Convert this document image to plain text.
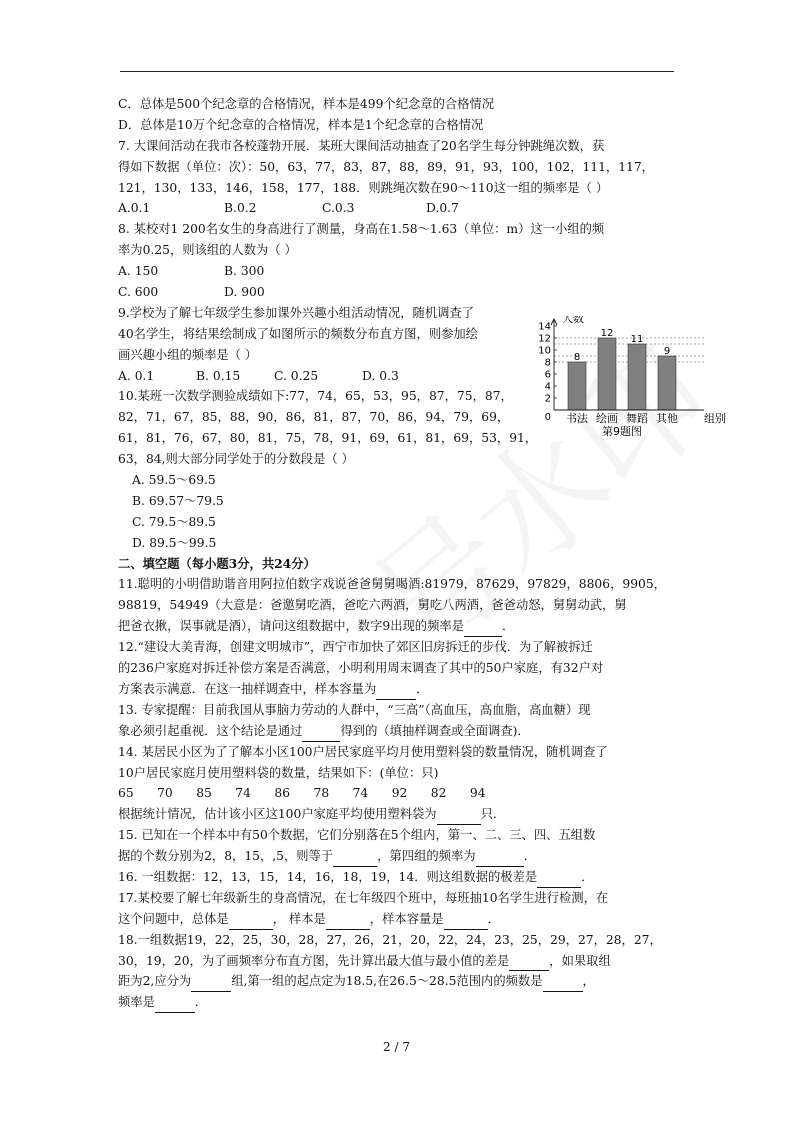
C．总体是500个纪念章的合格情况，样本是499个纪念章的合格情况
D．总体是10万个纪念章的合格情况，样本是1个纪念章的合格情况
7. 大课间活动在我市各校蓬勃开展．某班大课间活动抽查了20名学生每分钟跳绳次数，获
得如下数据（单位：次）：50，63，77，83，87，88，89，91，93，100，102，111，117，
121，130，133，146，158，177，188．则跳绳次数在90～110这一组的频率是（ ）
A.0.1	B.0.2	C.0.3	D.0.7
8. 某校对1 200名女生的身高进行了测量，身高在1.58～1.63（单位：m）这一小组的频
率为0.25，则该组的人数为（ ）
A. 150	B. 300
C. 600	D. 900
9.学校为了解七年级学生参加课外兴趣小组活动情况，随机调查了
40名学生，将结果绘制成了如图所示的频数分布直方图，则参加绘
画兴趣小组的频率是（ ）
A. 0.1	B. 0.15	C. 0.25	D. 0.3
10.某班一次数学测验成绩如下:77，74，65，53，95，87，75，87，
82，71，67，85，88，90，86，81，87，70，86，94，79，69，
61，81，76，67，80，81，75，78，91，69，61，81，69，53，91，
63，84,则大部分同学处于的分数段是（ ）
A. 59.5～69.5
B. 69.57～79.5
C. 79.5～89.5
D. 89.5～99.5
二、填空题（每小题3分，共24分）
11.聪明的小明借助谐音用阿拉伯数字戏说爸爸舅舅喝酒:81979，87629，97829，8806，9905，
98819，54949（大意是：爸邀舅吃酒，爸吃六两酒，舅吃八两酒，爸爸动怒，舅舅动武，舅
把爸衣揪，误事就是酒），请问这组数据中，数字9出现的频率是	．
12.“建设大美青海，创建文明城市”，西宁市加快了郊区旧房拆迁的步伐．为了解被拆迁
的236户家庭对拆迁补偿方案是否满意，小明利用周末调查了其中的50户家庭，有32户对
方案表示满意．在这一抽样调查中，样本容量为	．
13. 专家提醒：目前我国从事脑力劳动的人群中，“三高”（高血压，高血脂，高血糖）现
象必须引起重视．这个结论是通过	得到的（填抽样调查或全面调查)．
14. 某居民小区为了了解本小区100户居民家庭平均月使用塑料袋的数量情况，随机调查了
10户居民家庭月使用塑料袋的数量，结果如下：(单位：只)
65      70      85      74      86      78      74      92      82      94
根据统计情况，估计该小区这100户家庭平均使用塑料袋为	只．
15. 已知在一个样本中有50个数据，它们分别落在5个组内，第一、二、三、四、五组数
据的个数分别为2，8，15，,5，则等于	，第四组的频率为	．
16. 一组数据：12，13，15，14，16，18，19，14．则这组数据的极差是	．
17.某校要了解七年级新生的身高情况，在七年级四个班中，每班抽10名学生进行检测，在
这个问题中，总体是	， 样本是	，样本容量是	．
18.一组数据19，22，25，30，28，27，26，21，20，22，24，23，25，29，27，28，27，
30，19，20，为了画频率分布直方图，先计算出最大值与最小值的差是	，如果取组
距为2,应分为	组,第一组的起点定为18.5,在26.5～28.5范围内的频数是	，
频率是	．
8
书法
12
绘画
11
舞蹈
9
其他
0
2
4
6
8
10
12
14
人数
组别
第9题图
2 / 7
